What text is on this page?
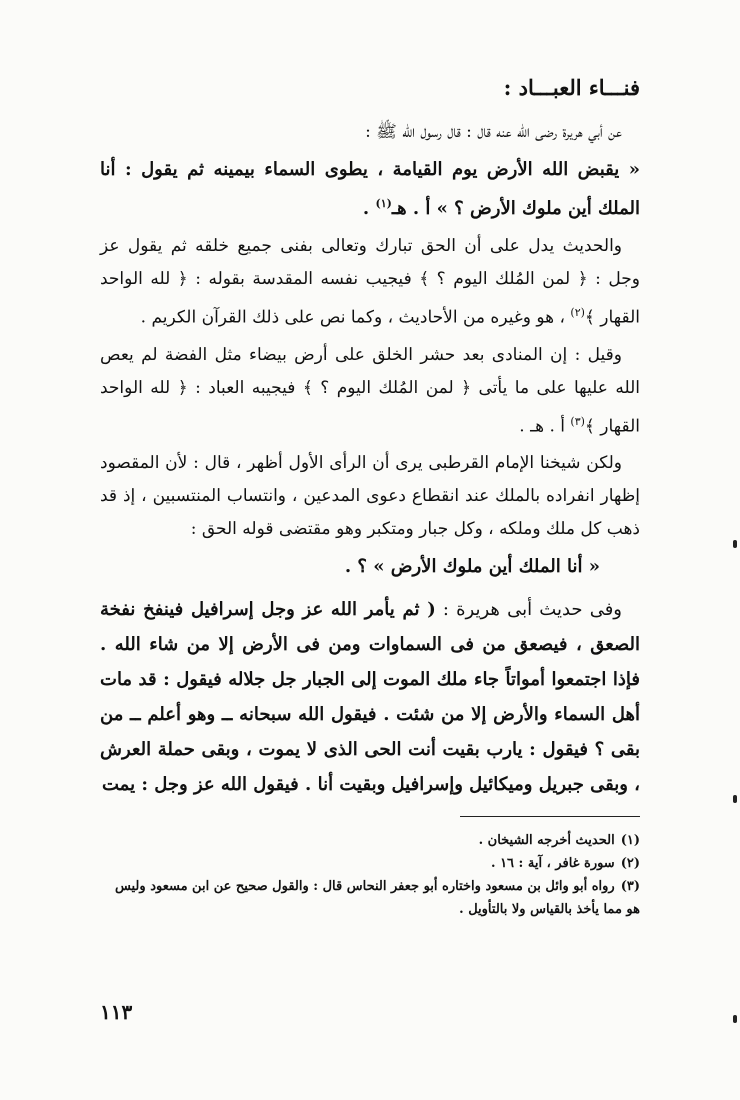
فنـــاء العبـــاد :

عن أبي هريرة رضى الله عنه قال : قال رسول الله ﷺ :

« يقبض الله الأرض يوم القيامة ، يطوى السماء بيمينه ثم يقول : أنا الملك أين ملوك الأرض ؟ » أ . هـ$^{(١)}$ .

والحديث يدل على أن الحق تبارك وتعالى بفنى جميع خلقه ثم يقول عز وجل : ﴿ لمن المُلك اليوم ؟ ﴾ فيجيب نفسه المقدسة بقوله : ﴿ لله الواحد القهار ﴾$^{(٢)}$ ، هو وغيره من الأحاديث ، وكما نص على ذلك القرآن الكريم .

وقيل : إن المنادى بعد حشر الخلق على أرض بيضاء مثل الفضة لم يعص الله عليها على ما يأتى ﴿ لمن المُلك اليوم ؟ ﴾ فيجيبه العباد : ﴿ لله الواحد القهار ﴾$^{(٣)}$ أ . هـ .

ولكن شيخنا الإمام القرطبى يرى أن الرأى الأول أظهر ، قال : لأن المقصود إظهار انفراده بالملك عند انقطاع دعوى المدعين ، وانتساب المنتسبين ، إذ قد ذهب كل ملك وملكه ، وكل جبار ومتكبر وهو مقتضى قوله الحق :

« أنا الملك أين ملوك الأرض » ؟ .

وفى حديث أبى هريرة : ( ثم يأمر الله عز وجل إسرافيل فينفخ نفخة الصعق ، فيصعق من فى السماوات ومن فى الأرض إلا من شاء الله . فإذا اجتمعوا أمواتاً جاء ملك الموت إلى الجبار جل جلاله فيقول : قد مات أهل السماء والأرض إلا من شئت . فيقول الله سبحانه ــ وهو أعلم ــ من بقى ؟ فيقول : يارب بقيت أنت الحى الذى لا يموت ، وبقى حملة العرش ، وبقى جبريل وميكائيل وإسرافيل وبقيت أنا . فيقول الله عز وجل : يمت

(١)الحديث أخرجه الشيخان .
(٢)سورة غافر ، آية : ١٦ .
(٣)رواه أبو وائل بن مسعود واختاره أبو جعفر النحاس قال : والقول صحيح عن ابن مسعود وليس هو مما يأخذ بالقياس ولا بالتأويل .
١١٣
